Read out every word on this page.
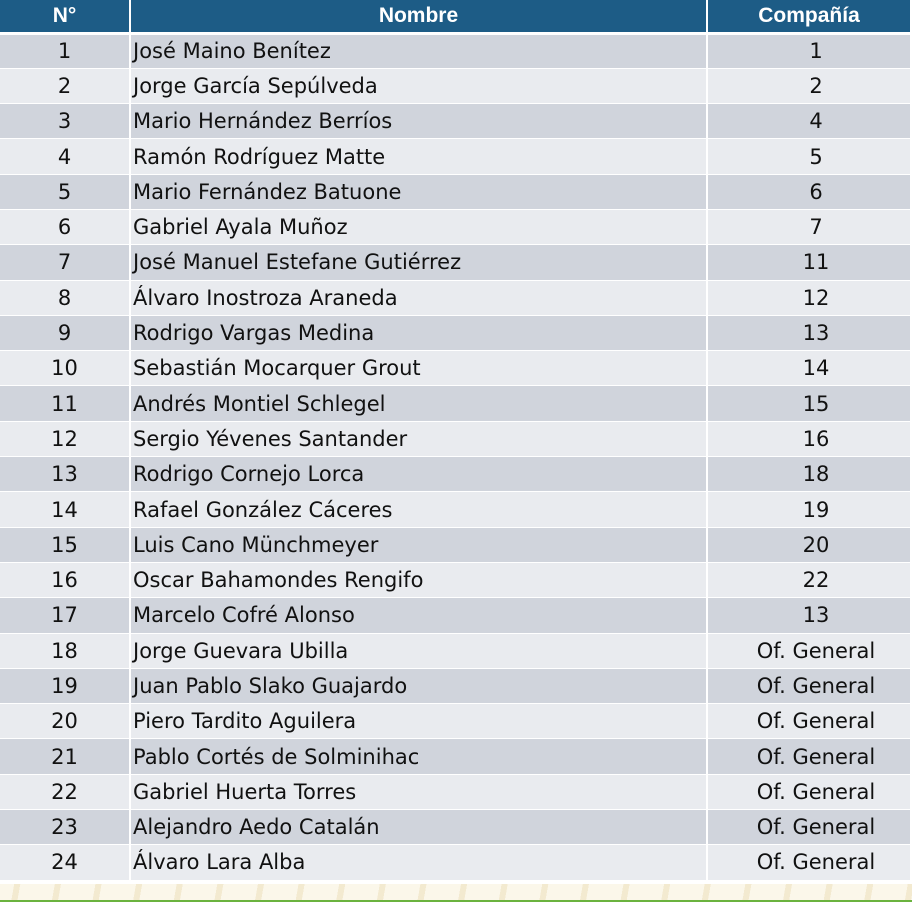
N°	Nombre	Compañía
1	José Maino Benítez	1
2	Jorge García Sepúlveda	2
3	Mario Hernández Berríos	4
4	Ramón Rodríguez Matte	5
5	Mario Fernández Batuone	6
6	Gabriel Ayala Muñoz	7
7	José Manuel Estefane Gutiérrez	11
8	Álvaro Inostroza Araneda	12
9	Rodrigo Vargas Medina	13
10	Sebastián Mocarquer Grout	14
11	Andrés Montiel Schlegel	15
12	Sergio Yévenes Santander	16
13	Rodrigo Cornejo Lorca	18
14	Rafael González Cáceres	19
15	Luis Cano Münchmeyer	20
16	Oscar Bahamondes Rengifo	22
17	Marcelo Cofré Alonso	13
18	Jorge Guevara Ubilla	Of. General
19	Juan Pablo Slako Guajardo	Of. General
20	Piero Tardito Aguilera	Of. General
21	Pablo Cortés de Solminihac	Of. General
22	Gabriel Huerta Torres	Of. General
23	Alejandro Aedo Catalán	Of. General
24	Álvaro Lara Alba	Of. General
